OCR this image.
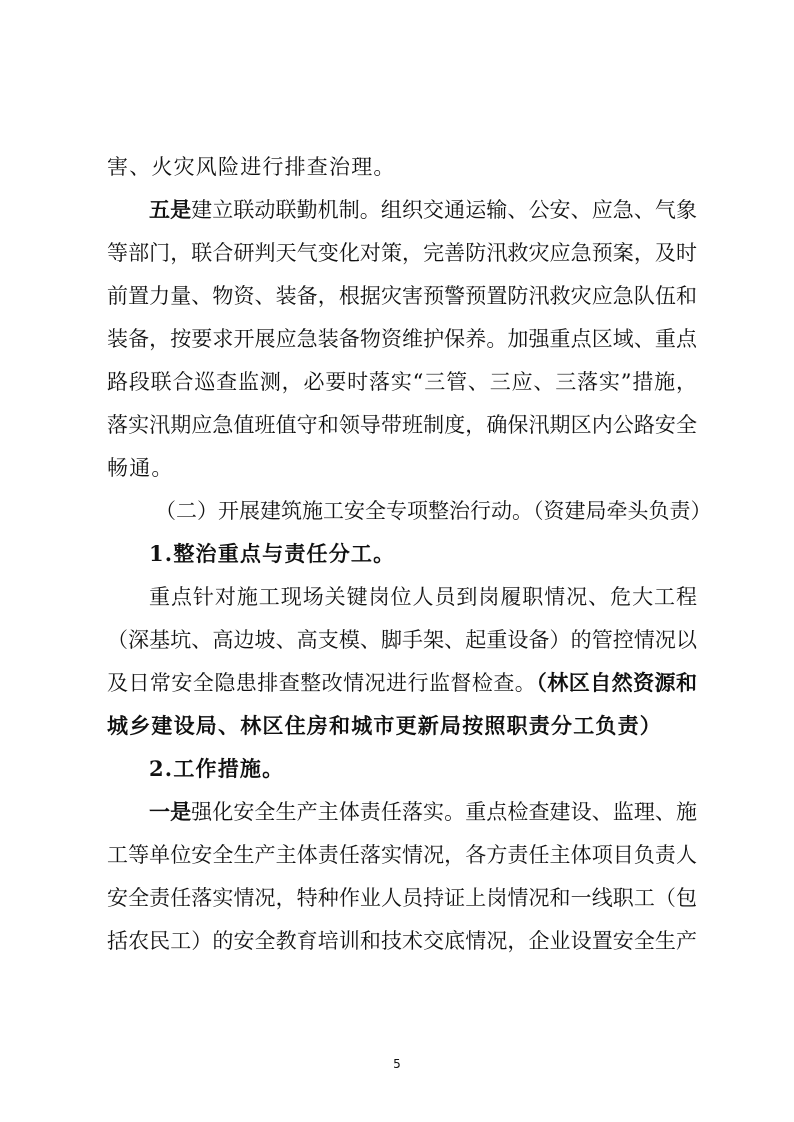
害、火灾风险进行排查治理。
五是建立联动联勤机制。组织交通运输、公安、应急、气象
等部门，联合研判天气变化对策，完善防汛救灾应急预案，及时
前置力量、物资、装备，根据灾害预警预置防汛救灾应急队伍和
装备，按要求开展应急装备物资维护保养。加强重点区域、重点
路段联合巡查监测，必要时落实“三管、三应、三落实”措施，
落实汛期应急值班值守和领导带班制度，确保汛期区内公路安全
畅通。
（二）开展建筑施工安全专项整治行动。（资建局牵头负责）
1.整治重点与责任分工。
重点针对施工现场关键岗位人员到岗履职情况、危大工程
（深基坑、高边坡、高支模、脚手架、起重设备）的管控情况以
及日常安全隐患排查整改情况进行监督检查。（林区自然资源和
城乡建设局、林区住房和城市更新局按照职责分工负责）
2.工作措施。
一是强化安全生产主体责任落实。重点检查建设、监理、施
工等单位安全生产主体责任落实情况，各方责任主体项目负责人
安全责任落实情况，特种作业人员持证上岗情况和一线职工（包
括农民工）的安全教育培训和技术交底情况，企业设置安全生产
5
